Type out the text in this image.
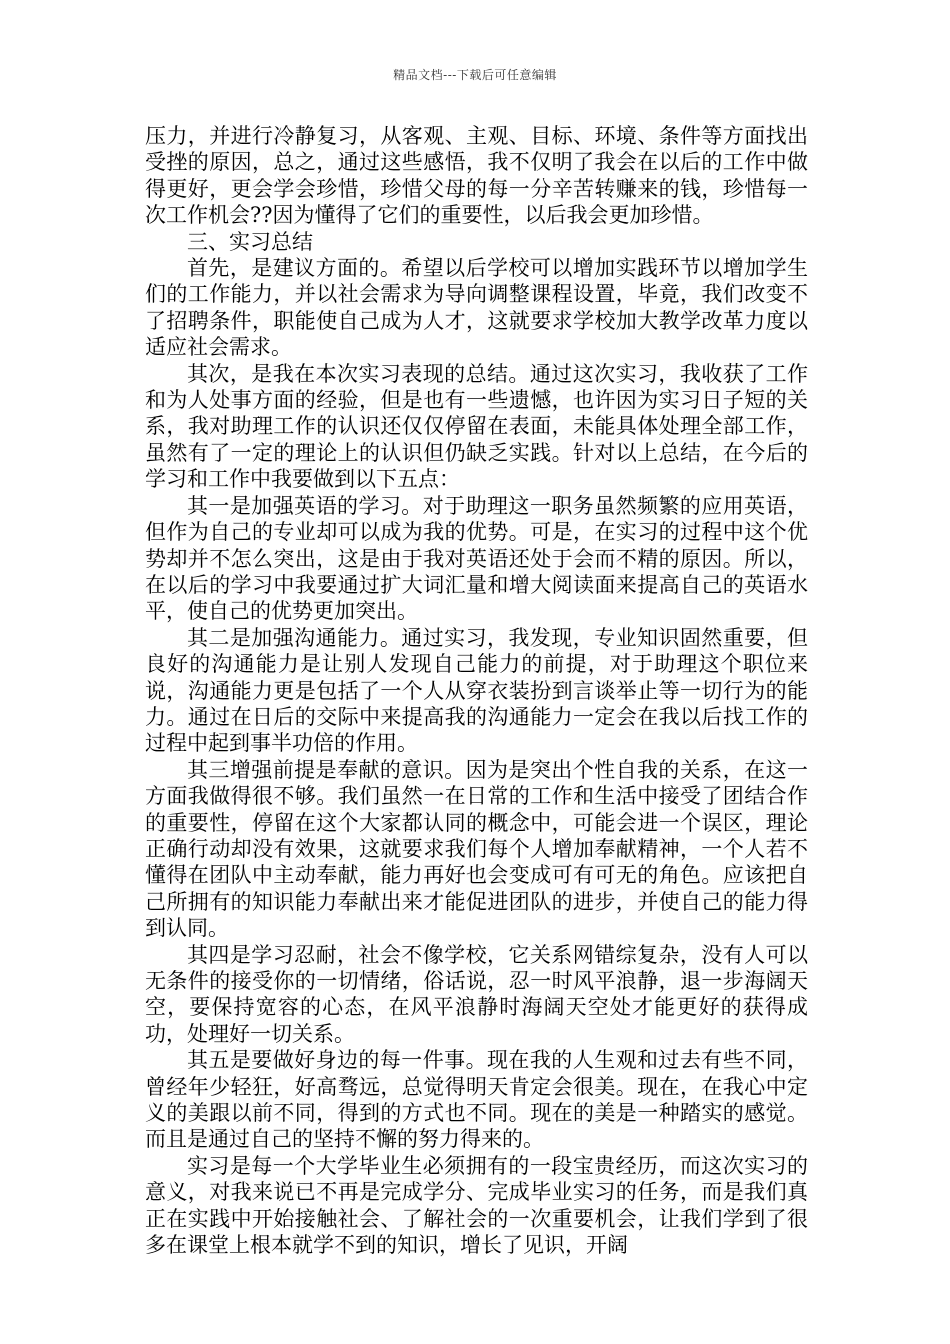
精品文档---下载后可任意编辑

压力，并进行冷静复习，从客观、主观、目标、环境、条件等方面找出受挫的原因，总之，通过这些感悟，我不仅明了我会在以后的工作中做得更好，更会学会珍惜，珍惜父母的每一分辛苦转赚来的钱，珍惜每一次工作机会??因为懂得了它们的重要性，以后我会更加珍惜。

三、实习总结

首先，是建议方面的。希望以后学校可以增加实践环节以增加学生们的工作能力，并以社会需求为导向调整课程设置，毕竟，我们改变不了招聘条件，职能使自己成为人才，这就要求学校加大教学改革力度以适应社会需求。

其次，是我在本次实习表现的总结。通过这次实习，我收获了工作和为人处事方面的经验，但是也有一些遗憾，也许因为实习日子短的关系，我对助理工作的认识还仅仅停留在表面，未能具体处理全部工作，虽然有了一定的理论上的认识但仍缺乏实践。针对以上总结，在今后的学习和工作中我要做到以下五点：

其一是加强英语的学习。对于助理这一职务虽然频繁的应用英语，但作为自己的专业却可以成为我的优势。可是，在实习的过程中这个优势却并不怎么突出，这是由于我对英语还处于会而不精的原因。所以，在以后的学习中我要通过扩大词汇量和增大阅读面来提高自己的英语水平，使自己的优势更加突出。

其二是加强沟通能力。通过实习，我发现，专业知识固然重要，但良好的沟通能力是让别人发现自己能力的前提，对于助理这个职位来说，沟通能力更是包括了一个人从穿衣装扮到言谈举止等一切行为的能力。通过在日后的交际中来提高我的沟通能力一定会在我以后找工作的过程中起到事半功倍的作用。

其三增强前提是奉献的意识。因为是突出个性自我的关系，在这一方面我做得很不够。我们虽然一在日常的工作和生活中接受了团结合作的重要性，停留在这个大家都认同的概念中，可能会进一个误区，理论正确行动却没有效果，这就要求我们每个人增加奉献精神，一个人若不懂得在团队中主动奉献，能力再好也会变成可有可无的角色。应该把自己所拥有的知识能力奉献出来才能促进团队的进步，并使自己的能力得到认同。

其四是学习忍耐，社会不像学校，它关系网错综复杂，没有人可以无条件的接受你的一切情绪，俗话说，忍一时风平浪静，退一步海阔天空，要保持宽容的心态，在风平浪静时海阔天空处才能更好的获得成功，处理好一切关系。

其五是要做好身边的每一件事。现在我的人生观和过去有些不同，曾经年少轻狂，好高骛远，总觉得明天肯定会很美。现在，在我心中定义的美跟以前不同，得到的方式也不同。现在的美是一种踏实的感觉。而且是通过自己的坚持不懈的努力得来的。

实习是每一个大学毕业生必须拥有的一段宝贵经历，而这次实习的意义，对我来说已不再是完成学分、完成毕业实习的任务，而是我们真正在实践中开始接触社会、了解社会的一次重要机会，让我们学到了很多在课堂上根本就学不到的知识，增长了见识，开阔
